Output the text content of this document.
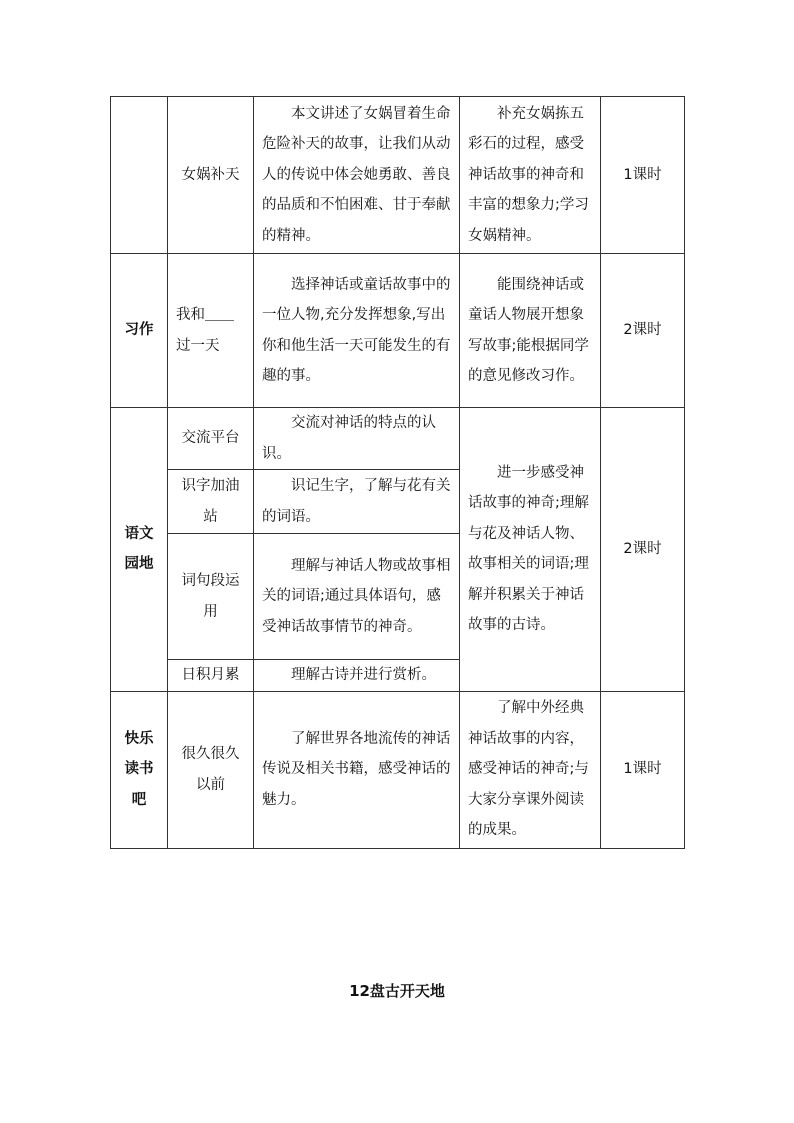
	女娲补天	本文讲述了女娲冒着生命危险补天的故事，让我们从动人的传说中体会她勇敢、善良的品质和不怕困难、甘于奉献的精神。	补充女娲拣五彩石的过程，感受神话故事的神奇和丰富的想象力;学习女娲精神。	1课时
习作	我和＿＿过一天	选择神话或童话故事中的一位人物,充分发挥想象,写出你和他生活一天可能发生的有趣的事。	能围绕神话或童话人物展开想象写故事;能根据同学的意见修改习作。	2课时
语文园地	交流平台	交流对神话的特点的认识。	进一步感受神话故事的神奇;理解与花及神话人物、故事相关的词语;理解并积累关于神话故事的古诗。	2课时
	识字加油站	识记生字，了解与花有关的词语。		
	词句段运用	理解与神话人物或故事相关的词语;通过具体语句，感受神话故事情节的神奇。		
	日积月累	理解古诗并进行赏析。		
快乐读书吧	很久很久以前	了解世界各地流传的神话传说及相关书籍，感受神话的魅力。	了解中外经典神话故事的内容，感受神话的神奇;与大家分享课外阅读的成果。	1课时
12盘古开天地
